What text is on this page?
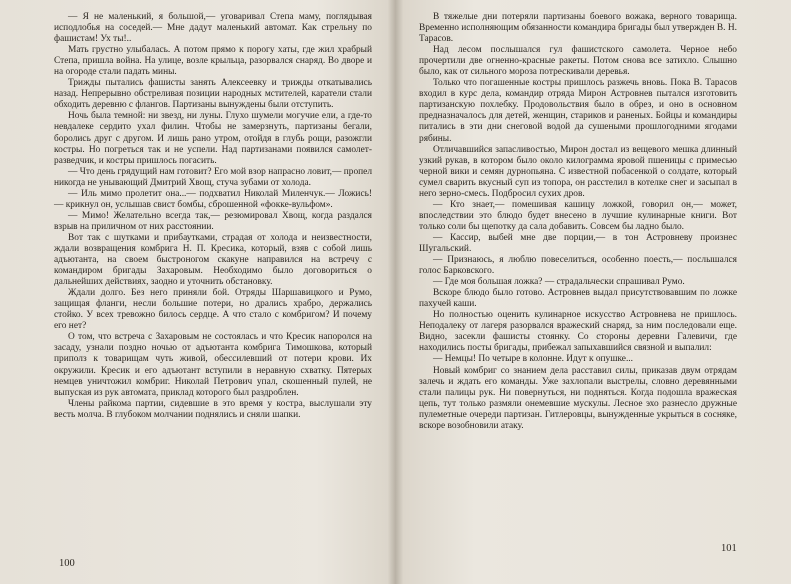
— Я не маленький, я большой,— уговаривал Степа маму, поглядывая исподлобья на соседей.— Мне дадут маленький автомат. Как стрельну по фашистам! Ух ты!..

Мать грустно улыбалась. А потом прямо к порогу хаты, где жил храбрый Степа, пришла война. На улице, возле крыльца, разорвался снаряд. Во дворе и на огороде стали падать мины.

Трижды пытались фашисты занять Алексеевку и трижды откатывались назад. Непрерывно обстреливая позиции народных мстителей, каратели стали обходить деревню с флангов. Партизаны вынуждены были отступить.

Ночь была темной: ни звезд, ни луны. Глухо шумели могучие ели, а где-то невдалеке сердито ухал филин. Чтобы не замерзнуть, партизаны бегали, боролись друг с другом. И лишь рано утром, отойдя в глубь рощи, разожгли костры. Но погреться так и не успели. Над партизанами появился самолет-разведчик, и костры пришлось погасить.

— Что день грядущий нам готовит? Его мой взор напрасно ловит,— пропел никогда не унывающий Дмитрий Хвощ, стуча зубами от холода.

— Иль мимо пролетит она...— подхватил Николай Миленчук.— Ложись! — крикнул он, услышав свист бомбы, сброшенной «фокке-вульфом».

— Мимо! Желательно всегда так,— резюмировал Хвощ, когда раздался взрыв на приличном от них расстоянии.

Вот так с шутками и прибаутками, страдая от холода и неизвестности, ждали возвращения комбрига Н. П. Кресика, который, взяв с собой лишь адъютанта, на своем быстроногом скакуне направился на встречу с командиром бригады Захаровым. Необходимо было договориться о дальнейших действиях, заодно и уточнить обстановку.

Ждали долго. Без него приняли бой. Отряды Шаршавицкого и Румо, защищая фланги, несли большие потери, но дрались храбро, держались стойко. У всех тревожно билось сердце. А что стало с комбригом? И почему его нет?

О том, что встреча с Захаровым не состоялась и что Кресик напоролся на засаду, узнали поздно ночью от адъютанта комбрига Тимошкова, который приполз к товарищам чуть живой, обессилевший от потери крови. Их окружили. Кресик и его адъютант вступили в неравную схватку. Пятерых немцев уничтожил комбриг. Николай Петрович упал, скошенный пулей, не выпуская из рук автомата, приклад которого был раздроблен.

Члены райкома партии, сидевшие в это время у костра, выслушали эту весть молча. В глубоком молчании поднялись и сняли шапки.

100

В тяжелые дни потеряли партизаны боевого вожака, верного товарища. Временно исполняющим обязанности командира бригады был утвержден В. Н. Тарасов.

Над лесом послышался гул фашистского самолета. Черное небо прочертили две огненно-красные ракеты. Потом снова все затихло. Слышно было, как от сильного мороза потрескивали деревья.

Только что погашенные костры пришлось разжечь вновь. Пока В. Тарасов входил в курс дела, командир отряда Мирон Астровнев пытался изготовить партизанскую похлебку. Продовольствия было в обрез, и оно в основном предназначалось для детей, женщин, стариков и раненых. Бойцы и командиры питались в эти дни снеговой водой да сушеными прошлогодними ягодами рябины.

Отличавшийся запасливостью, Мирон достал из вещевого мешка длинный узкий рукав, в котором было около килограмма яровой пшеницы с примесью черной вики и семян дурнопьяна. С известной побасенкой о солдате, который сумел сварить вкусный суп из топора, он расстелил в котелке снег и засыпал в него зерно-смесь. Подбросил сухих дров.

— Кто знает,— помешивая кашицу ложкой, говорил он,— может, впоследствии это блюдо будет внесено в лучшие кулинарные книги. Вот только соли бы щепотку да сала добавить. Совсем бы ладно было.

— Кассир, выбей мне две порции,— в тон Астровневу произнес Шугальский.

— Признаюсь, я люблю повеселиться, особенно поесть,— послышался голос Барковского.

— Где моя большая ложка? — страдальчески спрашивал Румо.

Вскоре блюдо было готово. Астровнев выдал присутствовавшим по ложке пахучей каши.

Но полностью оценить кулинарное искусство Астровнева не пришлось. Неподалеку от лагеря разорвался вражеский снаряд, за ним последовали еще. Видно, засекли фашисты стоянку. Со стороны деревни Галевичи, где находились посты бригады, прибежал запыхавшийся связной и выпалил:

— Немцы! По четыре в колонне. Идут к опушке...

Новый комбриг со знанием дела расставил силы, приказав двум отрядам залечь и ждать его команды. Уже захлопали выстрелы, словно деревянными стали палицы рук. Ни повернуться, ни подняться. Когда подошла вражеская цепь, тут только размяли онемевшие мускулы. Лесное эхо разнесло дружные пулеметные очереди партизан. Гитлеровцы, вынужденные укрыться в сосняке, вскоре возобновили атаку.

101
